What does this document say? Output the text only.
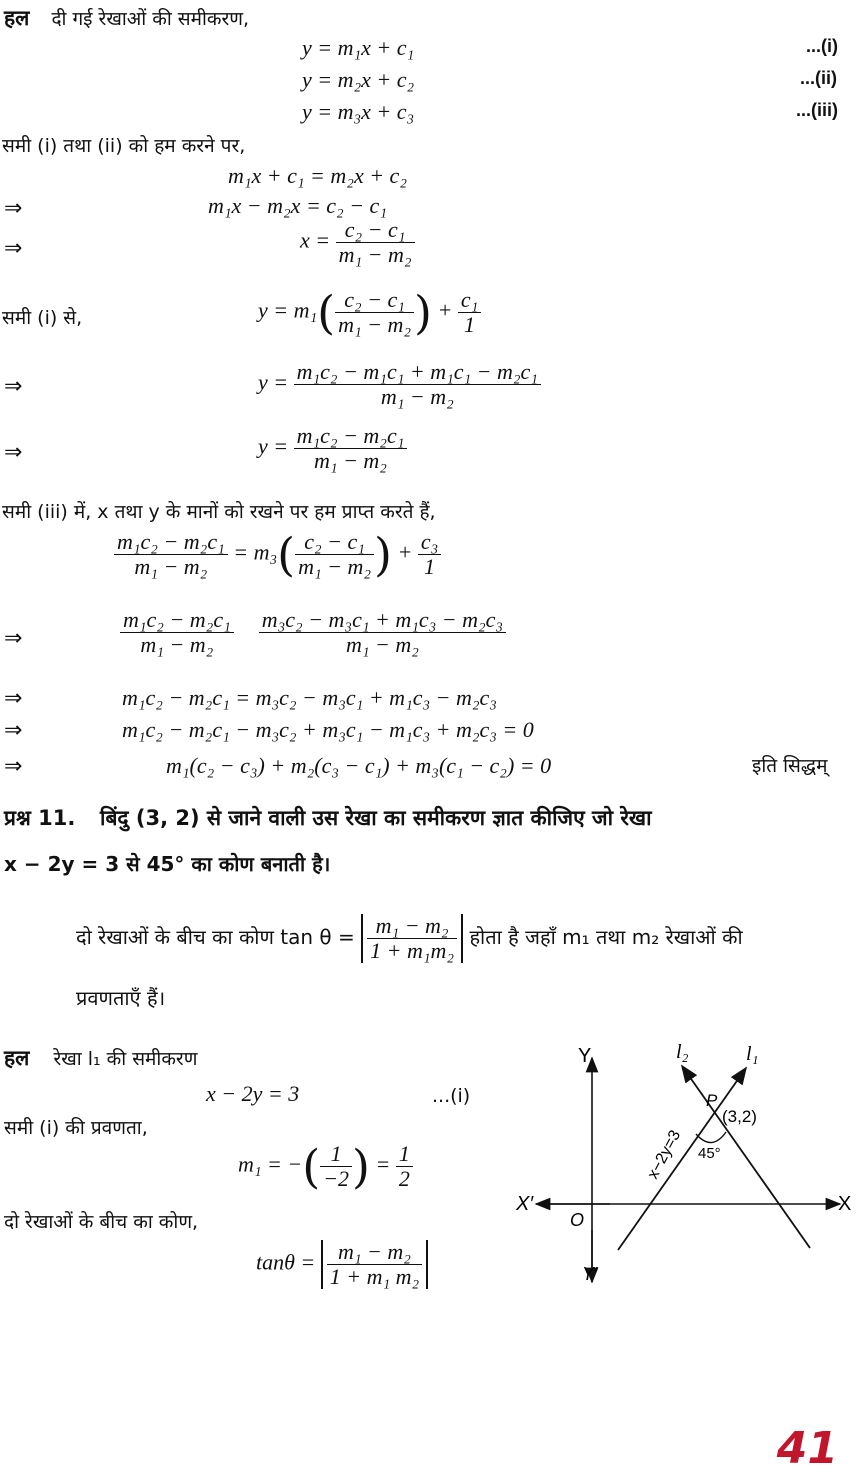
हल दी गई रेखाओं की समीकरण,
y = m₁x + c₁	...(i)
y = m₂x + c₂	...(ii)
y = m₃x + c₃	...(iii)
समी (i) तथा (ii) को हम करने पर,
m₁x + c₁ = m₂x + c₂
⇒	m₁x − m₂x = c₂ − c₁
⇒	$x = \frac{\text{c₂ − c₁}}{\text{m₁ − m₂}}$
समी (i) से,	$y = m_1( \frac{\text{c₂ − c₁}}{\text{m₁ − m₂}}$ ) + $\frac{\text{c₁}}{1}$
⇒	$y = \frac{\text{m₁c₂ − m₁c₁ + m₁c₁ − m₂c₁}}{\text{m₁ − m₂}}$
⇒	$y = \frac{\text{m₁c₂ − m₂c₁}}{\text{m₁ − m₂}}$
समी (iii) में, x तथा y के मानों को रखने पर हम प्राप्त करते हैं,
$\frac{\text{m₁c₂ − m₂c₁}}{\text{m₁ − m₂}} = m_3( \frac{\text{c₂ − c₁}}{\text{m₁ − m₂}}$ ) + $\frac{\text{c₃}}{1}$
⇒	$\frac{\text{m₁c₂ − m₂c₁}}{\text{m₁ − m₂}}$
$\frac{\text{m₃c₂ − m₃c₁ + m₁c₃ − m₂c₃}}{\text{m₁ − m₂}}$
⇒	m₁c₂ − m₂c₁ = m₃c₂ − m₃c₁ + m₁c₃ − m₂c₃
⇒	m₁c₂ − m₂c₁ − m₃c₂ + m₃c₁ − m₁c₃ + m₂c₃ = 0
⇒	m₁(c₂ − c₃) + m₂(c₃ − c₁) + m₃(c₁ − c₂) = 0	इति सिद्धम्
प्रश्न 11. बिंदु (3, 2) से जाने वाली उस रेखा का समीकरण ज्ञात कीजिए जो रेखा
x − 2y = 3 से 45° का कोण बनाती है।
दो रेखाओं के बीच का कोण $\tan \theta = \frac{\text{m₁ − m₂}}{\text{1 + m₁m₂}}$ होता है जहाँ m₁ तथा m₂ रेखाओं की
प्रवणताएँ हैं।
हल रेखा l₁ की समीकरण
x − 2y = 3	...(i)
समी (i) की प्रवणता,
m₁ = −( $\frac{1}{-2}$ ) = $\frac{1}{2}$
दो रेखाओं के बीच का कोण,
$\tan\theta = \frac{\text{m₁ − m₂}}{\text{1 + m₁ m₂}}$
Y
Y′
X
X′
O
l₁
l₂
P
(3,2)
45°
x−2y=3
41
